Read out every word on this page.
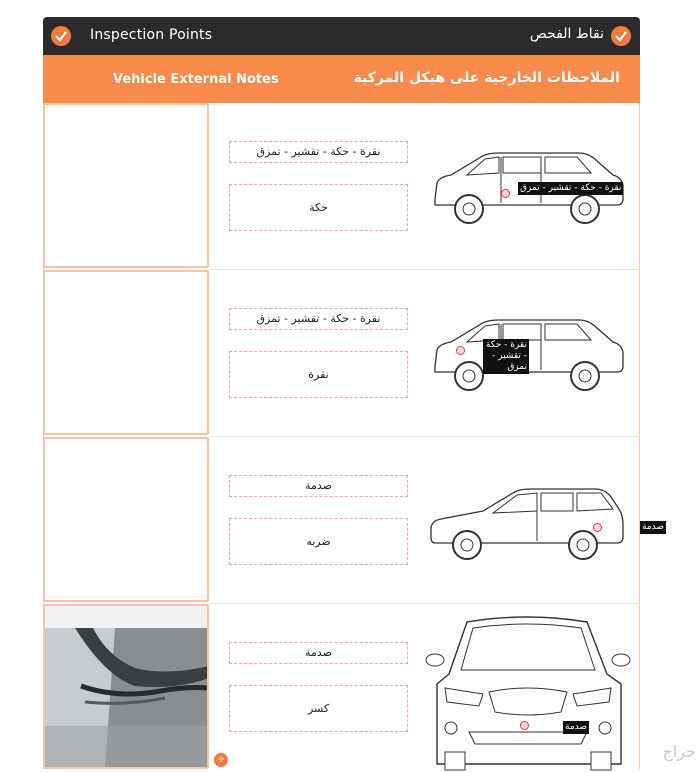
Inspection Points	نقاط الفحص
Vehicle External Notes	الملاحظات الخارجية على هيكل المركبة
نقرة - حكة - تقشير - تمزق
حكة
نقرة - حكة - تقشير - تمزق
نقرة - حكة - تقشير - تمزق
نقرة
نقرة - حكة - تقشير - تمزق
صدمة
ضربه
صدمة
صدمة
كسر
صدمة
+	حراج
